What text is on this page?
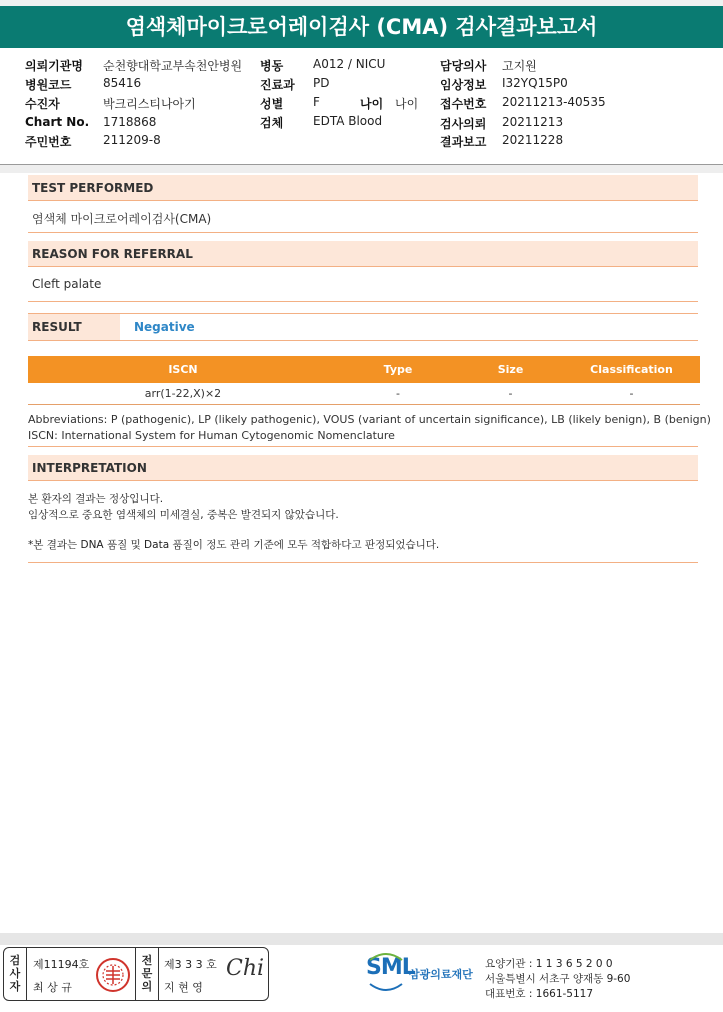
염색체마이크로어레이검사 (CMA) 검사결과보고서
의뢰기관명 순천향대학교부속천안병원
병원코드	85416
수진자	박크리스티나아기
Chart No. 1718868
주민번호	211209-8
병동 A012 / NICU
진료과 PD
성별 F	나이 나이
검체 EDTA Blood
담당의사 고지원
임상정보 I32YQ15P0
접수번호 20211213-40535
검사의뢰 20211213
결과보고 20211228
TEST PERFORMED
염색체 마이크로어레이검사(CMA)
REASON FOR REFERRAL
Cleft palate
RESULT	Negative
ISCN	Type	Size	Classification
arr(1-22,X)×2	-	-	-
Abbreviations: P (pathogenic), LP (likely pathogenic), VOUS (variant of uncertain significance), LB (likely benign), B (benign)
ISCN: International System for Human Cytogenomic Nomenclature
INTERPRETATION
본 환자의 결과는 정상입니다.
임상적으로 중요한 염색체의 미세결실, 중복은 발견되지 않았습니다.
*본 결과는 DNA 품질 및 Data 품질이 정도 관리 기준에 모두 적합하다고 판정되었습니다.
검사자
제11194호
최 상 규
전문의
제3 3 3 호
지 현 영
Chi	SML
삼광의료재단
요양기관 : 1 1 3 6 5 2 0 0
서울특별시 서초구 양재동 9-60
대표번호 : 1661-5117
